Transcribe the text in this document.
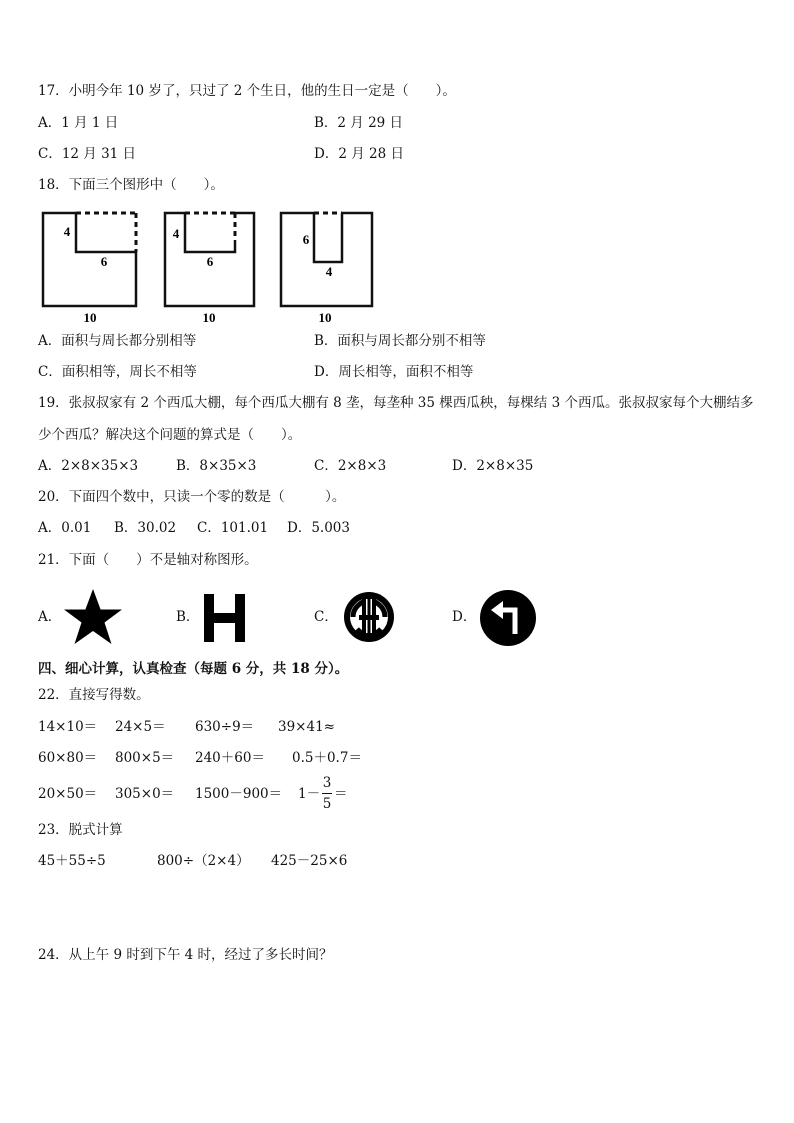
17．小明今年 10 岁了，只过了 2 个生日，他的生日一定是（　　）。
A．1 月 1 日	B．2 月 29 日
C．12 月 31 日	D．2 月 28 日
18．下面三个图形中（　　）。
4
6
10
4
6
10
6
4
10
A．面积与周长都分别相等	B．面积与周长都分别不相等
C．面积相等，周长不相等	D．周长相等，面积不相等
19．张叔叔家有 2 个西瓜大棚，每个西瓜大棚有 8 垄，每垄种 35 棵西瓜秧，每棵结 3 个西瓜。张叔叔家每个大棚结多
少个西瓜？解决这个问题的算式是（　　）。
A．2×8×35×3	B．8×35×3	C．2×8×3	D．2×8×35
20．下面四个数中，只读一个零的数是（　　　）。
A．0.01 B．30.02 C．101.01 D．5.003
21．下面（　　）不是轴对称图形。
A．	B．	C．	D．
四、细心计算，认真检查（每题 6 分，共 18 分）。
22．直接写得数。
14×10＝ 24×5＝ 630÷9＝ 39×41≈
60×80＝ 800×5＝ 240＋60＝ 0.5＋0.7＝
20×50＝ 305×0＝ 1500－900＝ 1－
3
5
＝
23．脱式计算
45＋55÷5	800÷（2×4） 425－25×6
24．从上午 9 时到下午 4 时，经过了多长时间？
